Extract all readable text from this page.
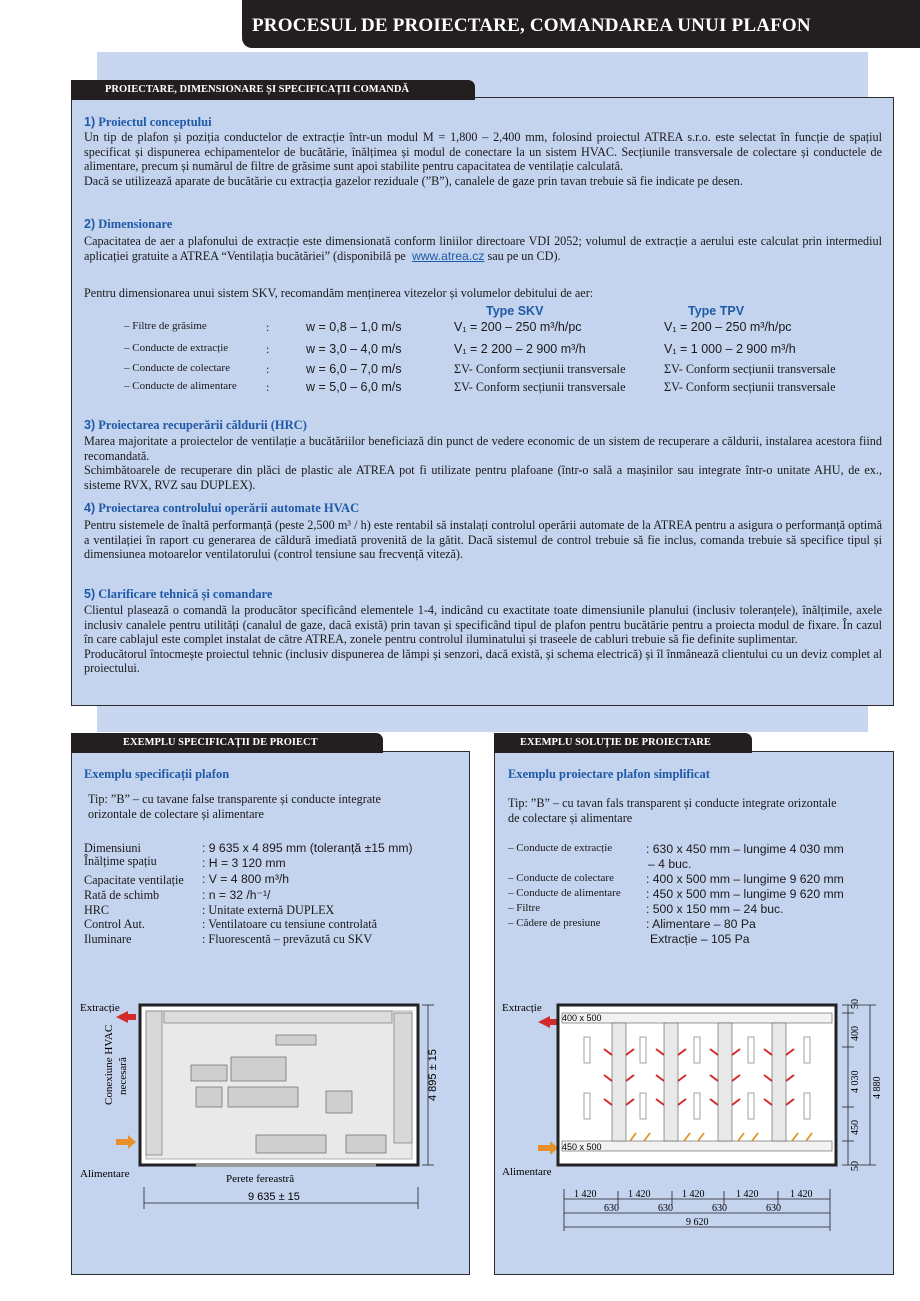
PROCESUL DE PROIECTARE, COMANDAREA UNUI PLAFON
PROIECTARE, DIMENSIONARE ȘI SPECIFICAȚII COMANDĂ
1) Proiectul conceptului
Un tip de plafon și poziția conductelor de extracție într-un modul M = 1,800 – 2,400 mm, folosind proiectul ATREA s.r.o. este selectat în funcție de spațiul specificat și dispunerea echipamentelor de bucătărie, înălțimea și modul de conectare la un sistem HVAC. Secțiunile transversale de colectare și conductele de alimentare, precum și numărul de filtre de grăsime sunt apoi stabilite pentru capacitatea de ventilație calculată.
Dacă se utilizează aparate de bucătărie cu extracția gazelor reziduale (”B”), canalele de gaze prin tavan trebuie să fie indicate pe desen.
2) Dimensionare
Capacitatea de aer a plafonului de extracție este dimensionată conform liniilor directoare VDI 2052; volumul de extracție a aerului este calculat prin intermediul aplicației gratuite a ATREA “Ventilația bucătăriei” (disponibilă pe www.atrea.cz sau pe un CD).
Pentru dimensionarea unui sistem SKV, recomandăm menținerea vitezelor și volumelor debitului de aer:
Type SKV	Type TPV
– Filtre de grăsime	:	w = 0,8 – 1,0 m/s	V₁ = 200 – 250 m³/h/pc	V₁ = 200 – 250 m³/h/pc
– Conducte de extracție	:	w = 3,0 – 4,0 m/s	V₁ = 2 200 – 2 900 m³/h	V₁ = 1 000 – 2 900 m³/h
– Conducte de colectare	:	w = 6,0 – 7,0 m/s	ΣV- Conform secțiunii transversale	ΣV- Conform secțiunii transversale
– Conducte de alimentare :	w = 5,0 – 6,0 m/s	ΣV- Conform secțiunii transversale	ΣV- Conform secțiunii transversale
3) Proiectarea recuperării căldurii (HRC)
Marea majoritate a proiectelor de ventilație a bucătăriilor beneficiază din punct de vedere economic de un sistem de recuperare a căldurii, instalarea acestora fiind recomandată.
Schimbătoarele de recuperare din plăci de plastic ale ATREA pot fi utilizate pentru plafoane (într-o sală a mașinilor sau integrate într-o unitate AHU, de ex., sisteme RVX, RVZ sau DUPLEX).
4) Proiectarea controlului operării automate HVAC
Pentru sistemele de înaltă performanță (peste 2,500 m³ / h) este rentabil să instalați controlul operării automate de la ATREA pentru a asigura o performanță optimă a ventilației în raport cu generarea de căldură imediată provenită de la gătit. Dacă sistemul de control trebuie să fie inclus, comanda trebuie să specifice tipul și dimensiunea motoarelor ventilatorului (control tensiune sau frecvență viteză).
5) Clarificare tehnică și comandare
Clientul plasează o comandă la producător specificând elementele 1-4, indicând cu exactitate toate dimensiunile planului (inclusiv toleranțele), înălțimile, axele inclusiv canalele pentru utilități (canalul de gaze, dacă există) prin tavan și specificând tipul de plafon pentru bucătărie pentru a proiecta modul de fixare. În cazul în care cablajul este complet instalat de către ATREA, zonele pentru controlul iluminatului și traseele de cabluri trebuie să fie definite suplimentar.
Producătorul întocmește proiectul tehnic (inclusiv dispunerea de lămpi și senzori, dacă există, și schema electrică) și îl înmânează clientului cu un deviz complet al proiectului.
EXEMPLU SPECIFICAȚII DE PROIECT
Exemplu specificații plafon
Tip: ”B” – cu tavane false transparente și conducte integrate
orizontale de colectare și alimentare
Dimensiuni	: 9 635 x 4 895 mm (toleranță ±15 mm)
Înălțime spațiu	: H = 3 120 mm
Capacitate ventilație : V = 4 800 m³/h
Rată de schimb	: n = 32 /h⁻¹/
HRC	: Unitate externă DUPLEX
Control Aut.	: Ventilatoare cu tensiune controlată
Iluminare	: Fluorescentă – prevăzută cu SKV
Extracție
Alimentare
Conexiune HVAC necesară	4 895 ± 15
Perete fereastră
9 635 ± 15
EXEMPLU SOLUȚIE DE PROIECTARE
Exemplu proiectare plafon simplificat
Tip: ”B” – cu tavan fals transparent și conducte integrate orizontale
de colectare și alimentare
– Conducte de extracție	: 630 x 450 mm – lungime 4 030 mm
– 4 buc.
– Conducte de colectare	: 400 x 500 mm – lungime 9 620 mm
– Conducte de alimentare : 450 x 500 mm – lungime 9 620 mm
– Filtre	: 500 x 150 mm – 24 buc.
– Cădere de presiune	: Alimentare – 80 Pa
Extracție – 105 Pa
Extracție
Alimentare
400 x 500
450 x 500
50
400
4 030
450
50
4 880
1 420	1 420	1 420	1 420	1 420
630	630	630	630
9 620
